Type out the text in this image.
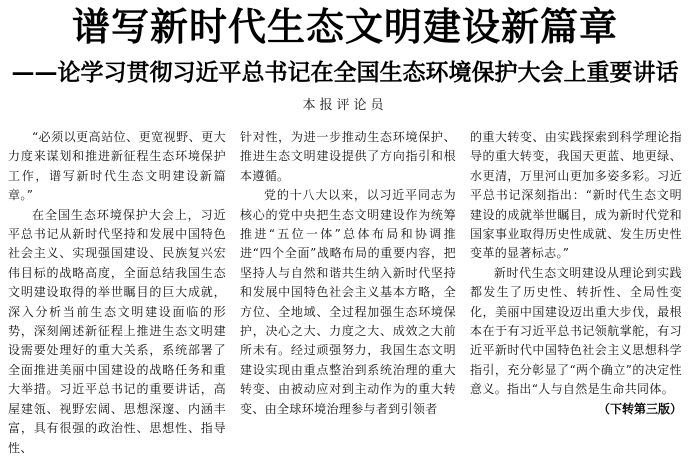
谱写新时代生态文明建设新篇章
——论学习贯彻习近平总书记在全国生态环境保护大会上重要讲话
本报评论员

“必须以更高站位、更宽视野、更大力度来谋划和推进新征程生态环境保护工作，谱写新时代生态文明建设新篇章。”

在全国生态环境保护大会上，习近平总书记从新时代坚持和发展中国特色社会主义、实现强国建设、民族复兴宏伟目标的战略高度，全面总结我国生态文明建设取得的举世瞩目的巨大成就，深入分析当前生态文明建设面临的形势，深刻阐述新征程上推进生态文明建设需要处理好的重大关系，系统部署了全面推进美丽中国建设的战略任务和重大举措。习近平总书记的重要讲话，高屋建瓴、视野宏阔、思想深邃、内涵丰富，具有很强的政治性、思想性、指导性、

针对性，为进一步推动生态环境保护、推进生态文明建设提供了方向指引和根本遵循。

党的十八大以来，以习近平同志为核心的党中央把生态文明建设作为统筹推进“五位一体”总体布局和协调推进“四个全面”战略布局的重要内容，把坚持人与自然和谐共生纳入新时代坚持和发展中国特色社会主义基本方略，全方位、全地域、全过程加强生态环境保护，决心之大、力度之大、成效之大前所未有。经过顽强努力，我国生态文明建设实现由重点整治到系统治理的重大转变、由被动应对到主动作为的重大转变、由全球环境治理参与者到引领者

的重大转变、由实践探索到科学理论指导的重大转变，我国天更蓝、地更绿、水更清，万里河山更加多姿多彩。习近平总书记深刻指出：“新时代生态文明建设的成就举世瞩目，成为新时代党和国家事业取得历史性成就、发生历史性变革的显著标志。”

新时代生态文明建设从理论到实践都发生了历史性、转折性、全局性变化，美丽中国建设迈出重大步伐，最根本在于有习近平总书记领航掌舵，有习近平新时代中国特色社会主义思想科学指引，充分彰显了“两个确立”的决定性意义。指出“人与自然是生命共同体。

（下转第三版）
